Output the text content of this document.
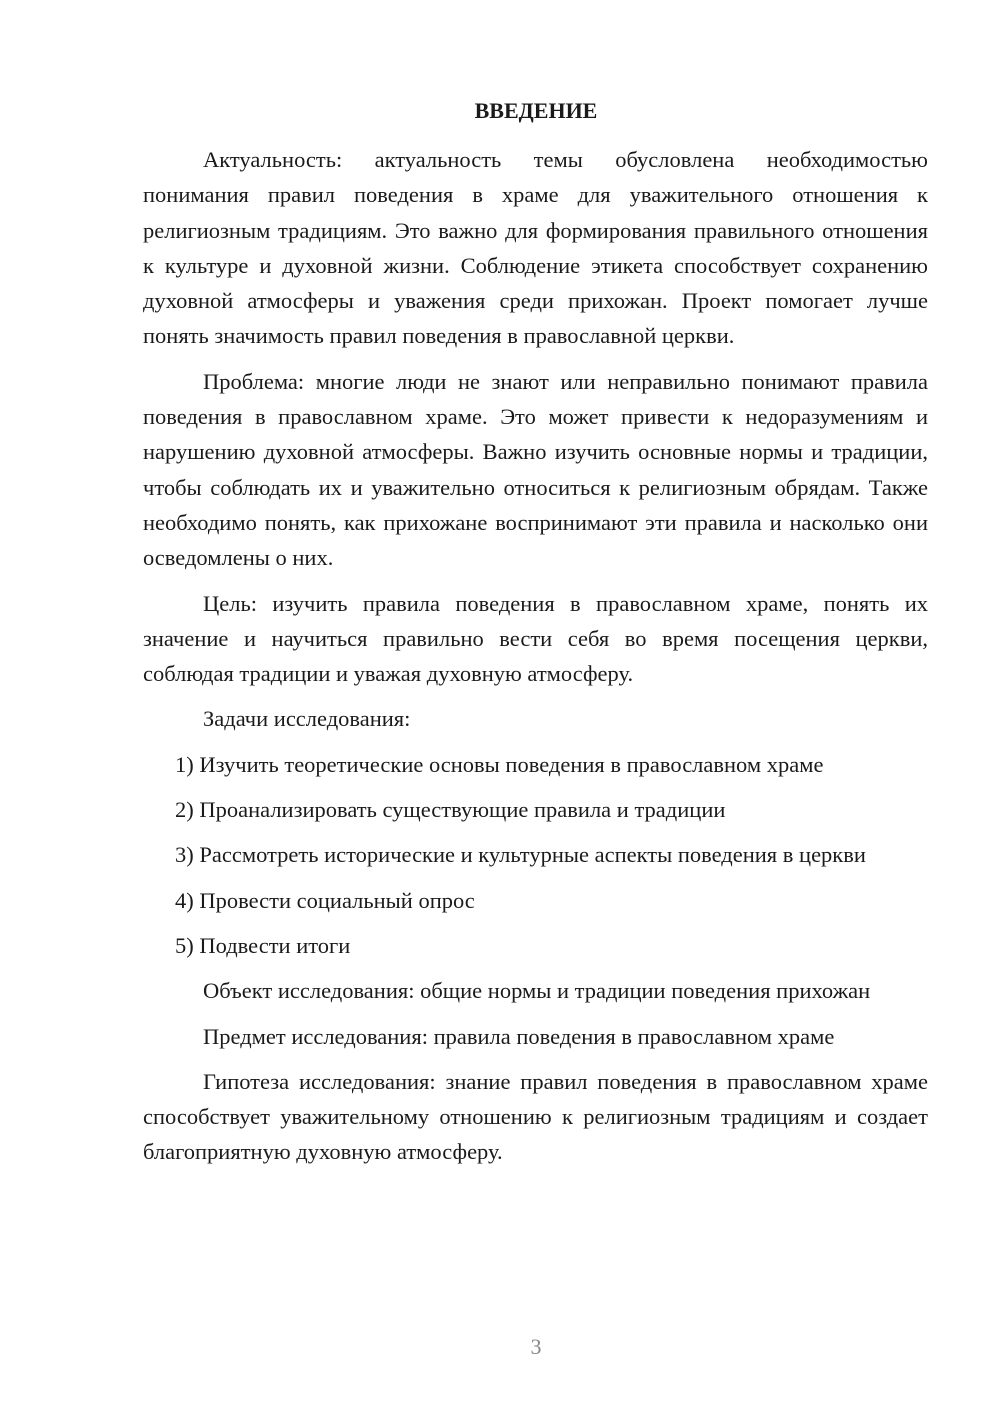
ВВЕДЕНИЕ

Актуальность: актуальность темы обусловлена необходимостью понимания правил поведения в храме для уважительного отношения к религиозным традициям. Это важно для формирования правильного отношения к культуре и духовной жизни. Соблюдение этикета способствует сохранению духовной атмосферы и уважения среди прихожан. Проект помогает лучше понять значимость правил поведения в православной церкви.

Проблема: многие люди не знают или неправильно понимают правила поведения в православном храме. Это может привести к недоразумениям и нарушению духовной атмосферы. Важно изучить основные нормы и традиции, чтобы соблюдать их и уважительно относиться к религиозным обрядам. Также необходимо понять, как прихожане воспринимают эти правила и насколько они осведомлены о них.

Цель: изучить правила поведения в православном храме, понять их значение и научиться правильно вести себя во время посещения церкви, соблюдая традиции и уважая духовную атмосферу.

Задачи исследования:

1) Изучить теоретические основы поведения в православном храме

2) Проанализировать существующие правила и традиции

3) Рассмотреть исторические и культурные аспекты поведения в церкви

4) Провести социальный опрос

5) Подвести итоги

Объект исследования: общие нормы и традиции поведения прихожан

Предмет исследования: правила поведения в православном храме

Гипотеза исследования: знание правил поведения в православном храме способствует уважительному отношению к религиозным традициям и создает благоприятную духовную атмосферу.

3
